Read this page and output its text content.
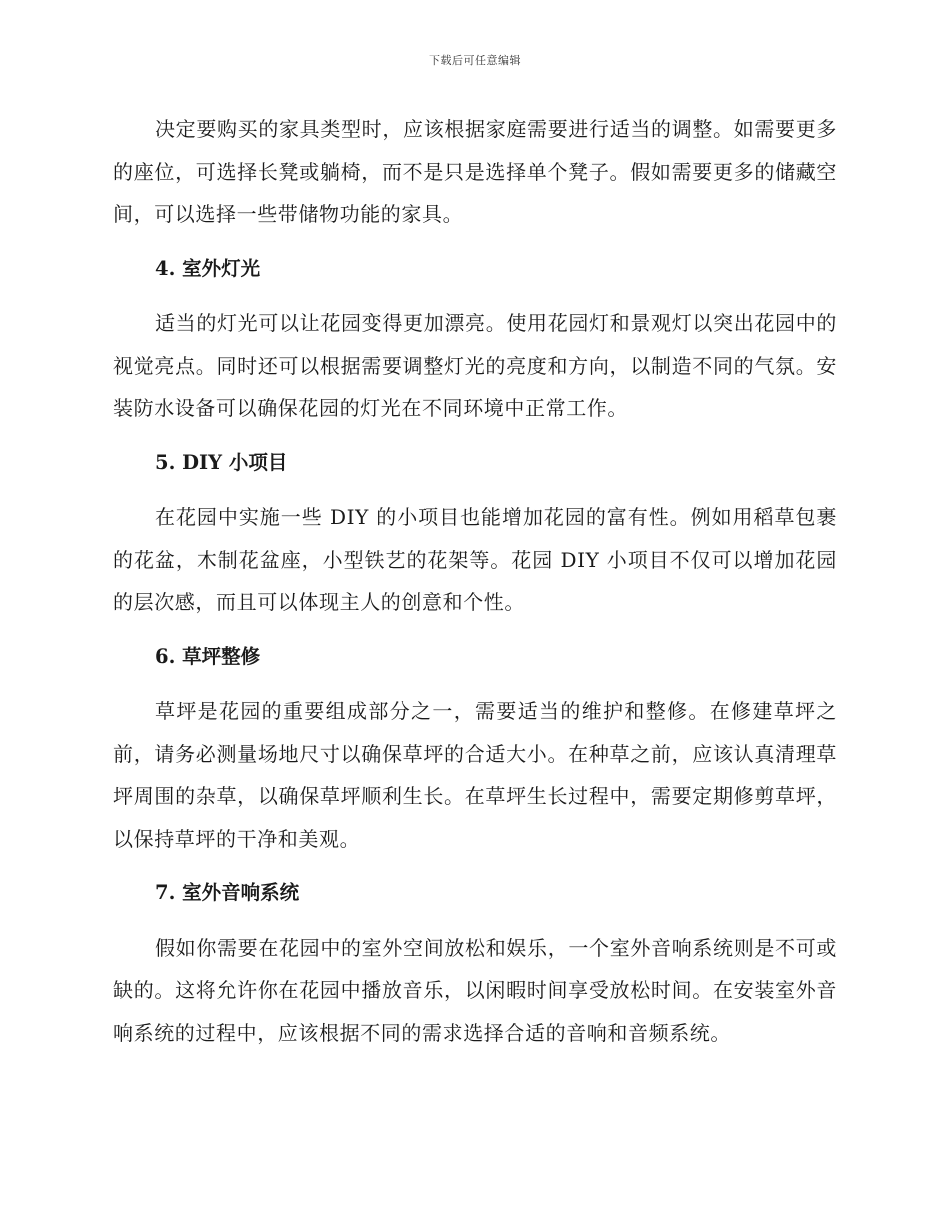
下载后可任意编辑

决定要购买的家具类型时，应该根据家庭需要进行适当的调整。如需要更多的座位，可选择长凳或躺椅，而不是只是选择单个凳子。假如需要更多的储藏空间，可以选择一些带储物功能的家具。

4. 室外灯光

适当的灯光可以让花园变得更加漂亮。使用花园灯和景观灯以突出花园中的视觉亮点。同时还可以根据需要调整灯光的亮度和方向，以制造不同的气氛。安装防水设备可以确保花园的灯光在不同环境中正常工作。

5. DIY 小项目

在花园中实施一些 DIY 的小项目也能增加花园的富有性。例如用稻草包裹的花盆，木制花盆座，小型铁艺的花架等。花园 DIY 小项目不仅可以增加花园的层次感，而且可以体现主人的创意和个性。

6. 草坪整修

草坪是花园的重要组成部分之一，需要适当的维护和整修。在修建草坪之前，请务必测量场地尺寸以确保草坪的合适大小。在种草之前，应该认真清理草坪周围的杂草，以确保草坪顺利生长。在草坪生长过程中，需要定期修剪草坪，以保持草坪的干净和美观。

7. 室外音响系统

假如你需要在花园中的室外空间放松和娱乐，一个室外音响系统则是不可或缺的。这将允许你在花园中播放音乐，以闲暇时间享受放松时间。在安装室外音响系统的过程中，应该根据不同的需求选择合适的音响和音频系统。
